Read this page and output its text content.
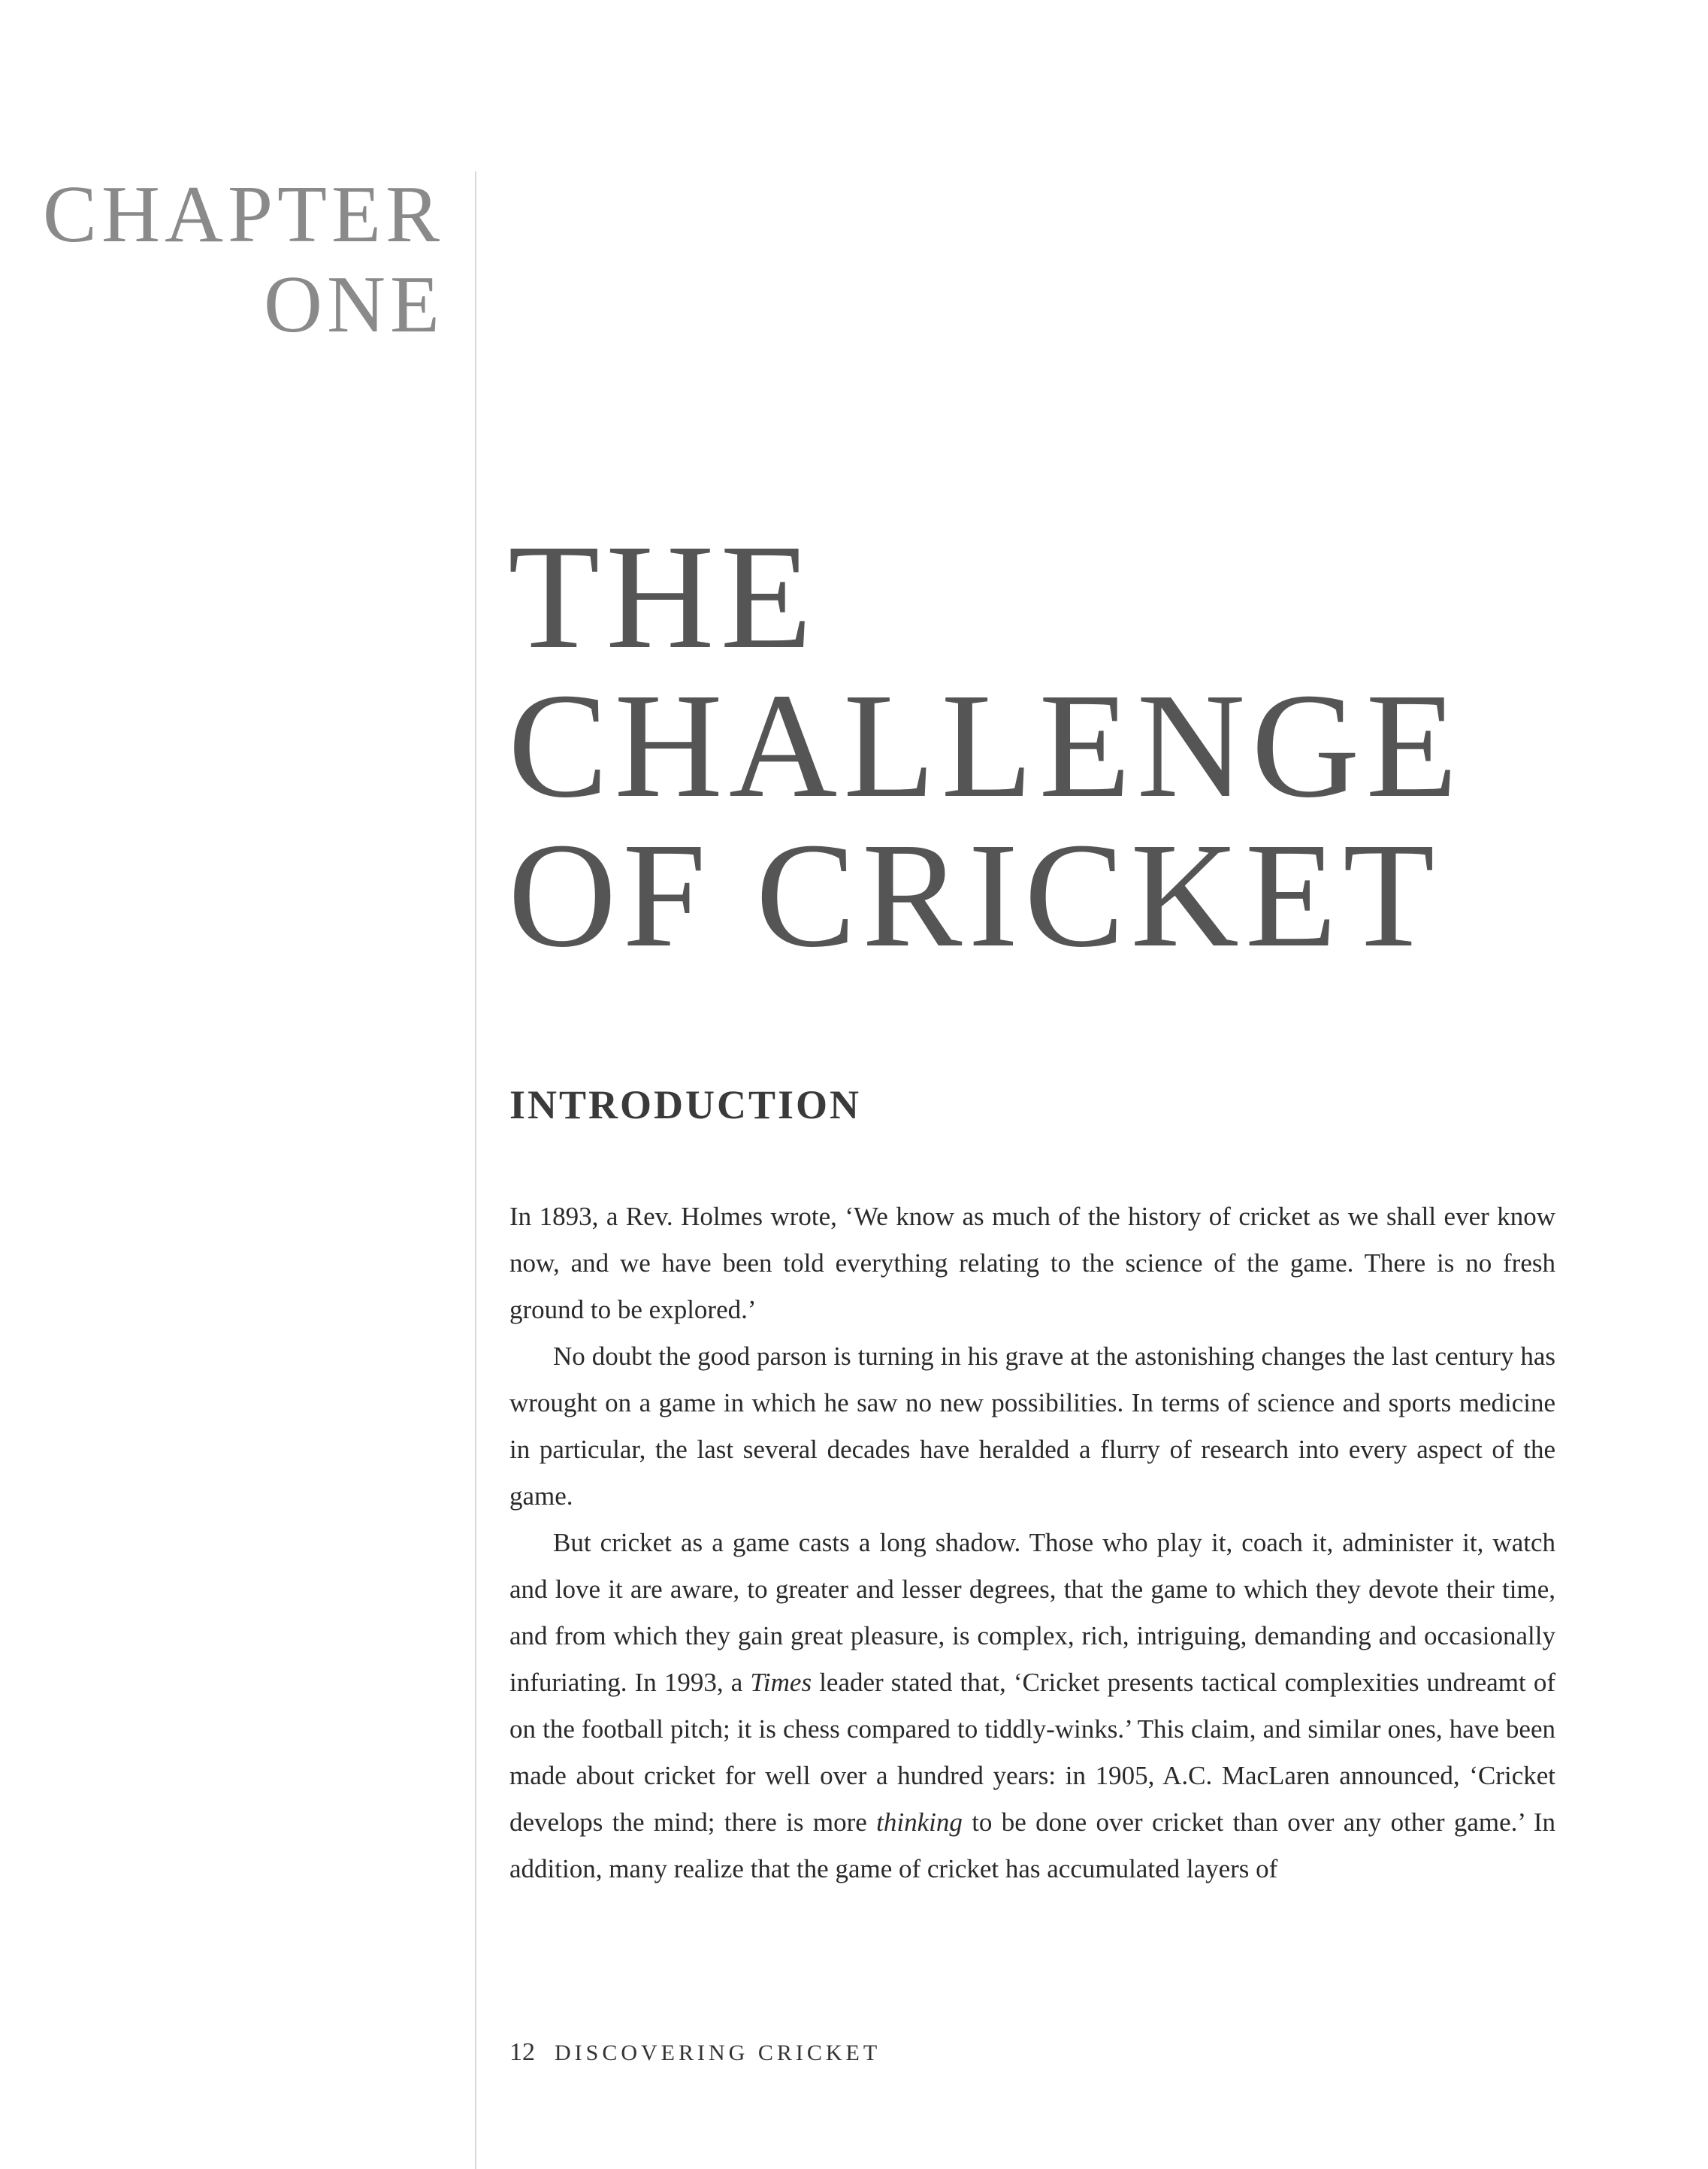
CHAPTER
ONE
THE
CHALLENGE
OF CRICKET
INTRODUCTION

In 1893, a Rev. Holmes wrote, ‘We know as much of the history of cricket as we shall ever know now, and we have been told everything relating to the science of the game. There is no fresh ground to be explored.’

No doubt the good parson is turning in his grave at the astonishing changes the last century has wrought on a game in which he saw no new possibilities. In terms of science and sports medicine in particular, the last several decades have heralded a flurry of research into every aspect of the game.

But cricket as a game casts a long shadow. Those who play it, coach it, administer it, watch and love it are aware, to greater and lesser degrees, that the game to which they devote their time, and from which they gain great pleasure, is complex, rich, intriguing, demanding and occasionally infuriating. In 1993, a Times leader stated that, ‘Cricket presents tactical complexities undreamt of on the football pitch; it is chess compared to tiddly-winks.’ This claim, and similar ones, have been made about cricket for well over a hundred years: in 1905, A.C. MacLaren announced, ‘Cricket develops the mind; there is more thinking to be done over cricket than over any other game.’ In addition, many realize that the game of cricket has accumulated layers of

12 DISCOVERING CRICKET
